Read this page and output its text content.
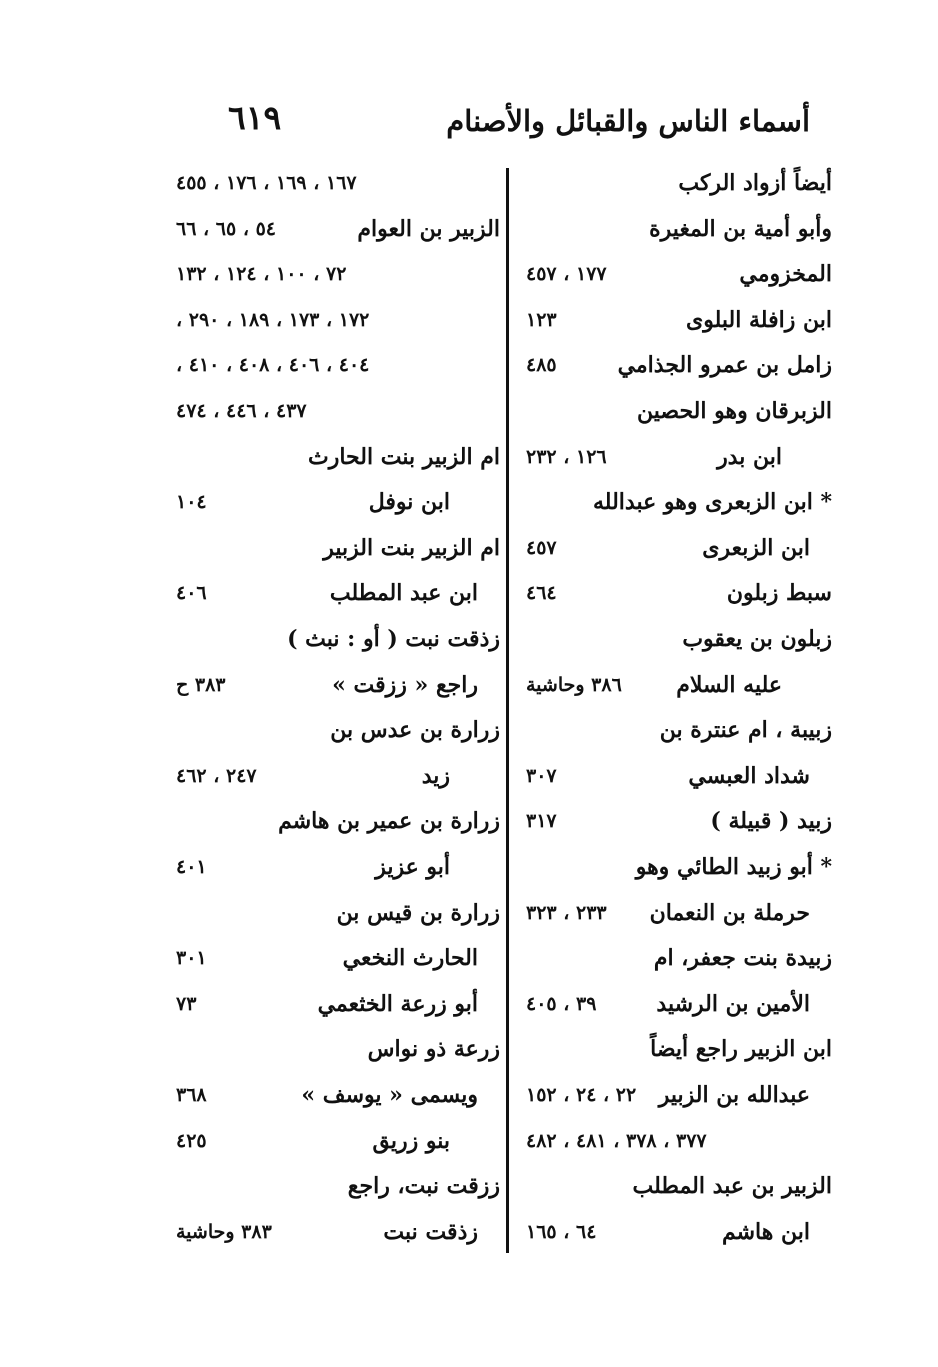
أسماء الناس والقبائل والأصنام
٦١٩
أيضاً أزواد الركب
وأبو أمية بن المغيرة
المخزومي
١٧٧ ، ٤٥٧
ابن زافلة البلوى
١٢٣
زامل بن عمرو الجذامي
٤٨٥
الزبرقان وهو الحصين
ابن بدر
١٢٦ ، ٢٣٢
* ابن الزبعرى وهو عبدالله
ابن الزبعرى
٤٥٧
سبط زبلون
٤٦٤
زبلون بن يعقوب
عليه السلام
٣٨٦ وحاشية
زبيبة ، ام عنترة بن
شداد العبسي
٣٠٧
زبيد ( قبيلة )
٣١٧
* أبو زبيد الطائي وهو
حرملة بن النعمان
٢٣٣ ، ٣٢٣
زبيدة بنت جعفر، ام
الأمين بن الرشيد
٣٩ ، ٤٠٥
ابن الزبير راجع أيضاً
عبدالله بن الزبير
٢٢ ، ٢٤ ، ١٥٢
٣٧٧ ، ٣٧٨ ، ٤٨١ ، ٤٨٢
الزبير بن عبد المطلب
ابن هاشم
٦٤ ، ١٦٥
١٦٧ ، ١٦٩ ، ١٧٦ ، ٤٥٥
الزبير بن العوام
٥٤ ، ٦٥ ، ٦٦
٧٢ ، ١٠٠ ، ١٢٤ ، ١٣٢
١٧٢ ، ١٧٣ ، ١٨٩ ، ٢٩٠ ،
٤٠٤ ، ٤٠٦ ، ٤٠٨ ، ٤١٠ ،
٤٣٧ ، ٤٤٦ ، ٤٧٤
ام الزبير بنت الحارث
ابن نوفل
١٠٤
ام الزبير بنت الزبير
ابن عبد المطلب
٤٠٦
زذقت نبت ( أو : نبث )
راجع « ززقت »
٣٨٣ ح
زرارة بن عدس بن
زيد
٢٤٧ ، ٤٦٢
زرارة بن عمير بن هاشم
أبو عزيز
٤٠١
زرارة بن قيس بن
الحارث النخعي
٣٠١
أبو زرعة الخثعمي
٧٣
زرعة ذو نواس
ويسمى « يوسف »
٣٦٨
بنو زريق
٤٢٥
ززقت نبت، راجع
زذقت نبت
٣٨٣ وحاشية
